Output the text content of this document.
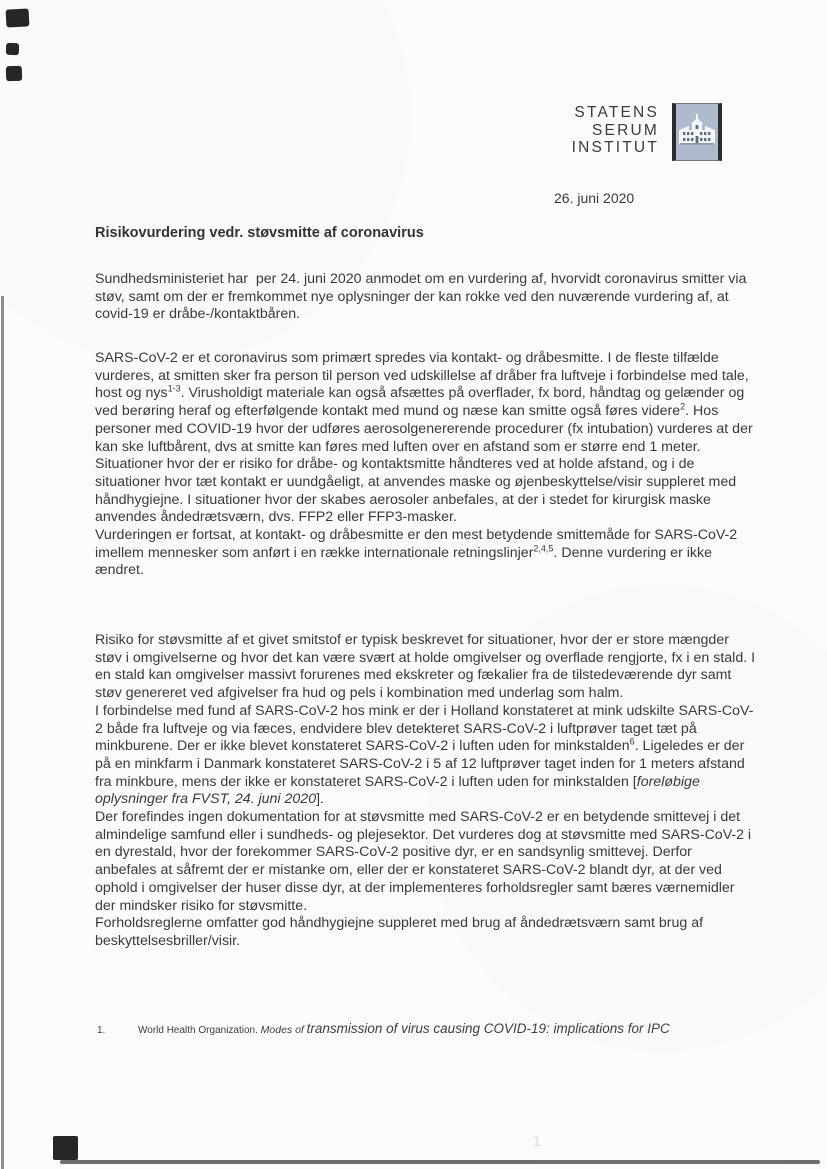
1
STATENS
SERUM
INSTITUT
26. juni 2020
Risikovurdering vedr. støvsmitte af coronavirus

Sundhedsministeriet har  per 24. juni 2020 anmodet om en vurdering af, hvorvidt coronavirus smitter via støv, samt om der er fremkommet nye oplysninger der kan rokke ved den nuværende vurdering af, at covid-19 er dråbe-/kontaktbåren.

SARS-CoV-2 er et coronavirus som primært spredes via kontakt- og dråbesmitte. I de fleste tilfælde vurderes, at smitten sker fra person til person ved udskillelse af dråber fra luftveje i forbindelse med tale, host og nys$^{1-3}$. Virusholdigt materiale kan også afsættes på overflader, fx bord, håndtag og gelænder og ved berøring heraf og efterfølgende kontakt med mund og næse kan smitte også føres videre$^2$. Hos personer med COVID-19 hvor der udføres aerosolgenererende procedurer (fx intubation) vurderes at der kan ske luftbårent, dvs at smitte kan føres med luften over en afstand som er større end 1 meter.
Situationer hvor der er risiko for dråbe- og kontaktsmitte håndteres ved at holde afstand, og i de situationer hvor tæt kontakt er uundgåeligt, at anvendes maske og øjenbeskyttelse/visir suppleret med håndhygiejne. I situationer hvor der skabes aerosoler anbefales, at der i stedet for kirurgisk maske anvendes åndedrætsværn, dvs. FFP2 eller FFP3-masker.
Vurderingen er fortsat, at kontakt- og dråbesmitte er den mest betydende smittemåde for SARS-CoV-2 imellem mennesker som anført i en række internationale retningslinjer$^{2,4,5}$. Denne vurdering er ikke ændret.

Risiko for støvsmitte af et givet smitstof er typisk beskrevet for situationer, hvor der er store mængder støv i omgivelserne og hvor det kan være svært at holde omgivelser og overflade rengjorte, fx i en stald. I en stald kan omgivelser massivt forurenes med ekskreter og fækalier fra de tilstedeværende dyr samt støv genereret ved afgivelser fra hud og pels i kombination med underlag som halm.
I forbindelse med fund af SARS-CoV-2 hos mink er der i Holland konstateret at mink udskilte SARS-CoV-2 både fra luftveje og via fæces, endvidere blev detekteret SARS-CoV-2 i luftprøver taget tæt på minkburene. Der er ikke blevet konstateret SARS-CoV-2 i luften uden for minkstalden$^6$. Ligeledes er der på en minkfarm i Danmark konstateret SARS-CoV-2 i 5 af 12 luftprøver taget inden for 1 meters afstand fra minkbure, mens der ikke er konstateret SARS-CoV-2 i luften uden for minkstalden [foreløbige oplysninger fra FVST, 24. juni 2020].
Der forefindes ingen dokumentation for at støvsmitte med SARS-CoV-2 er en betydende smittevej i det almindelige samfund eller i sundheds- og plejesektor. Det vurderes dog at støvsmitte med SARS-CoV-2 i en dyrestald, hvor der forekommer SARS-CoV-2 positive dyr, er en sandsynlig smittevej. Derfor anbefales at såfremt der er mistanke om, eller der er konstateret SARS-CoV-2 blandt dyr, at der ved ophold i omgivelser der huser disse dyr, at der implementeres forholdsregler samt bæres værnemidler der mindsker risiko for støvsmitte.
Forholdsreglerne omfatter god håndhygiejne suppleret med brug af åndedrætsværn samt brug af beskyttelsesbriller/visir.

1.	World Health Organization. Modes of transmission of virus causing COVID-19: implications for IPC
